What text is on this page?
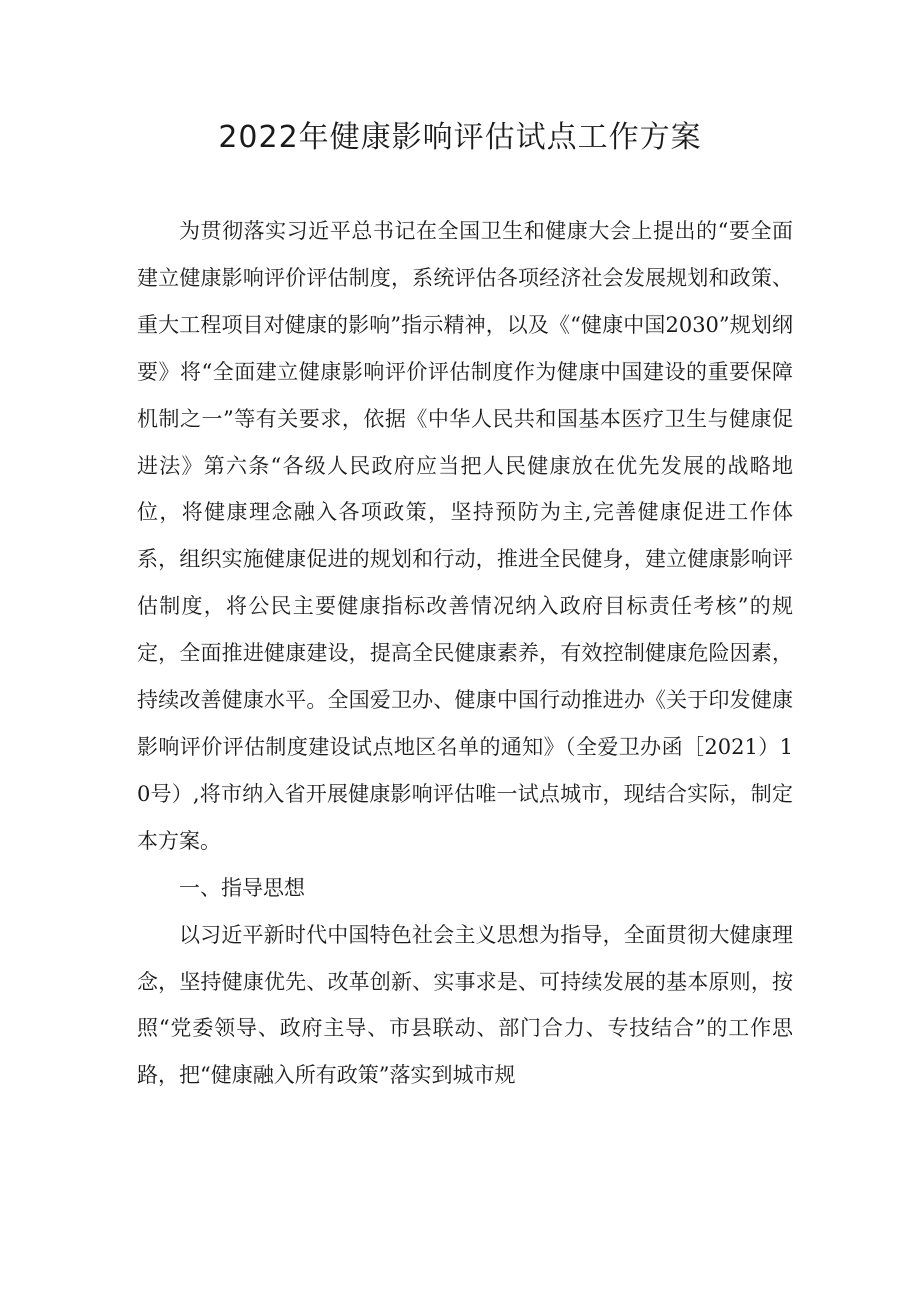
2022年健康影响评估试点工作方案

为贯彻落实习近平总书记在全国卫生和健康大会上提出的“要全面建立健康影响评价评估制度，系统评估各项经济社会发展规划和政策、重大工程项目对健康的影响”指示精神，以及《“健康中国2030”规划纲要》将“全面建立健康影响评价评估制度作为健康中国建设的重要保障机制之一”等有关要求，依据《中华人民共和国基本医疗卫生与健康促进法》第六条“各级人民政府应当把人民健康放在优先发展的战略地位，将健康理念融入各项政策，坚持预防为主,完善健康促进工作体系，组织实施健康促进的规划和行动，推进全民健身，建立健康影响评估制度，将公民主要健康指标改善情况纳入政府目标责任考核”的规定，全面推进健康建设，提高全民健康素养，有效控制健康危险因素，持续改善健康水平。全国爱卫办、健康中国行动推进办《关于印发健康影响评价评估制度建设试点地区名单的通知》（全爱卫办函［2021）10号）,将市纳入省开展健康影响评估唯一试点城市，现结合实际，制定本方案。

一、指导思想

以习近平新时代中国特色社会主义思想为指导，全面贯彻大健康理念，坚持健康优先、改革创新、实事求是、可持续发展的基本原则，按照“党委领导、政府主导、市县联动、部门合力、专技结合”的工作思路，把“健康融入所有政策”落实到城市规
